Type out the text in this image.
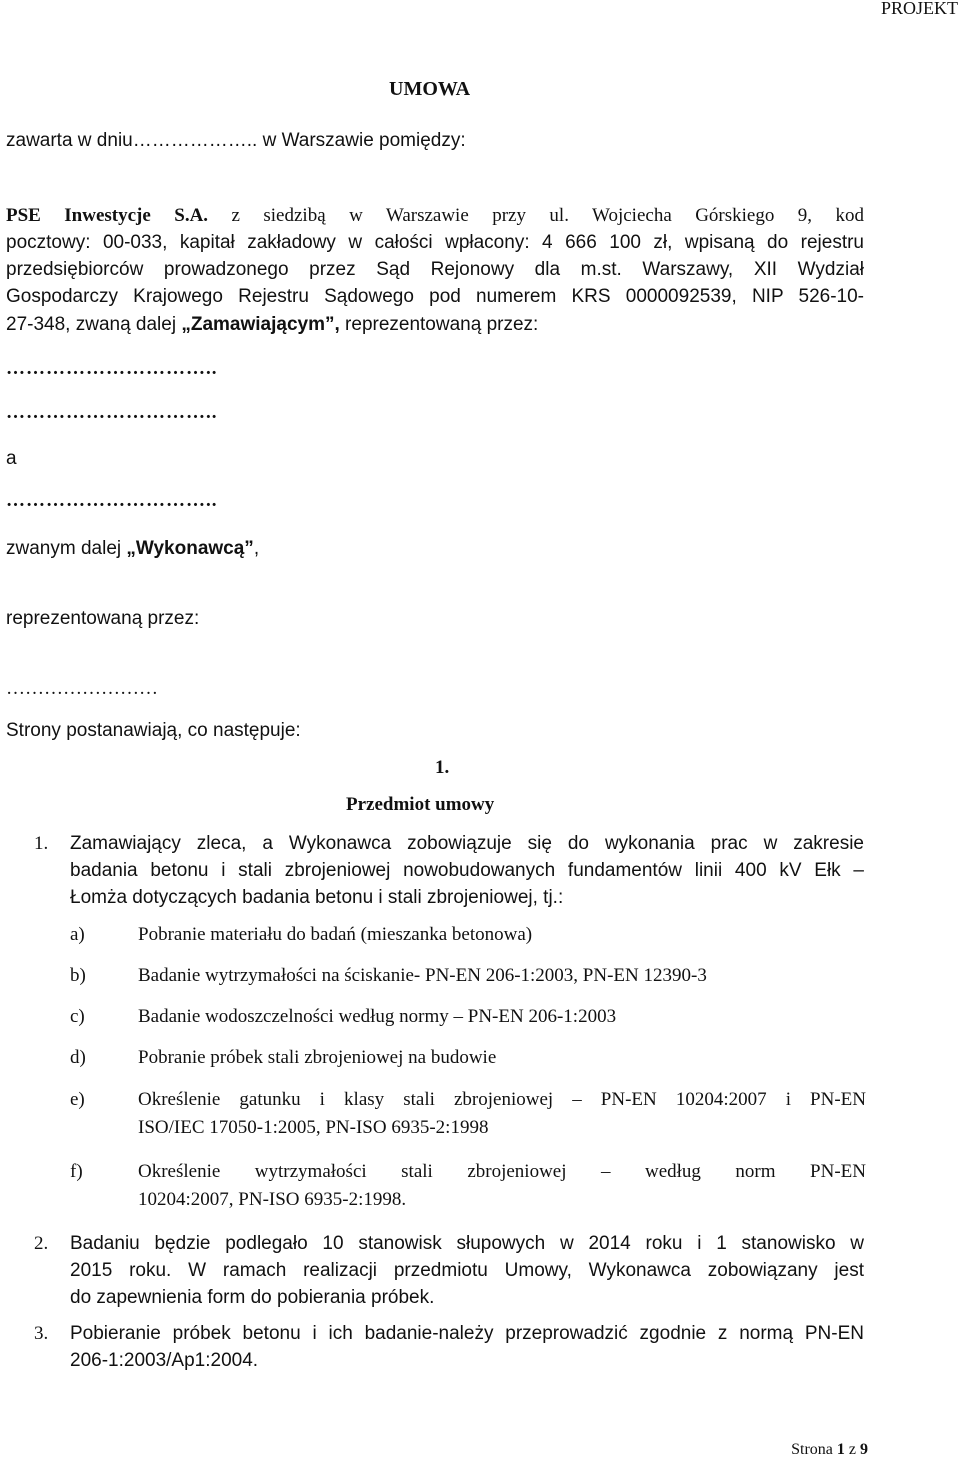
PROJEKT
UMOWA
zawarta w dniu……………….. w Warszawie pomiędzy:
PSE Inwestycje S.A. z siedzibą w Warszawie przy ul. Wojciecha Górskiego 9, kod
pocztowy: 00-033, kapitał zakładowy w całości wpłacony: 4 666 100 zł, wpisaną do rejestru
przedsiębiorców prowadzonego przez Sąd Rejonowy dla m.st. Warszawy, XII Wydział
Gospodarczy Krajowego Rejestru Sądowego pod numerem KRS 0000092539, NIP 526-10-
27-348, zwaną dalej „Zamawiającym”, reprezentowaną przez:
…………………………..
…………………………..
a
…………………………..
zwanym dalej „Wykonawcą”,
reprezentowaną przez:
……………………
Strony postanawiają, co następuje:
1.
Przedmiot umowy
1. Zamawiający zleca, a Wykonawca zobowiązuje się do wykonania prac w zakresie
badania betonu i stali zbrojeniowej nowobudowanych fundamentów linii 400 kV Ełk –
Łomża dotyczących badania betonu i stali zbrojeniowej, tj.:
a)	Pobranie materiału do badań (mieszanka betonowa)
b)	Badanie wytrzymałości na ściskanie- PN-EN 206-1:2003, PN-EN 12390-3
c)	Badanie wodoszczelności według normy – PN-EN 206-1:2003
d)	Pobranie próbek stali zbrojeniowej na budowie
e)	Określenie gatunku i klasy stali zbrojeniowej – PN-EN 10204:2007 i PN-EN
ISO/IEC 17050-1:2005, PN-ISO 6935-2:1998
f)	Określenie wytrzymałości stali zbrojeniowej – według norm PN-EN
10204:2007, PN-ISO 6935-2:1998.
2. Badaniu będzie podlegało 10 stanowisk słupowych w 2014 roku i 1 stanowisko w
2015 roku. W ramach realizacji przedmiotu Umowy, Wykonawca zobowiązany jest
do zapewnienia form do pobierania próbek.
3. Pobieranie próbek betonu i ich badanie-należy przeprowadzić zgodnie z normą PN-EN
206-1:2003/Ap1:2004.
Strona 1 z 9
